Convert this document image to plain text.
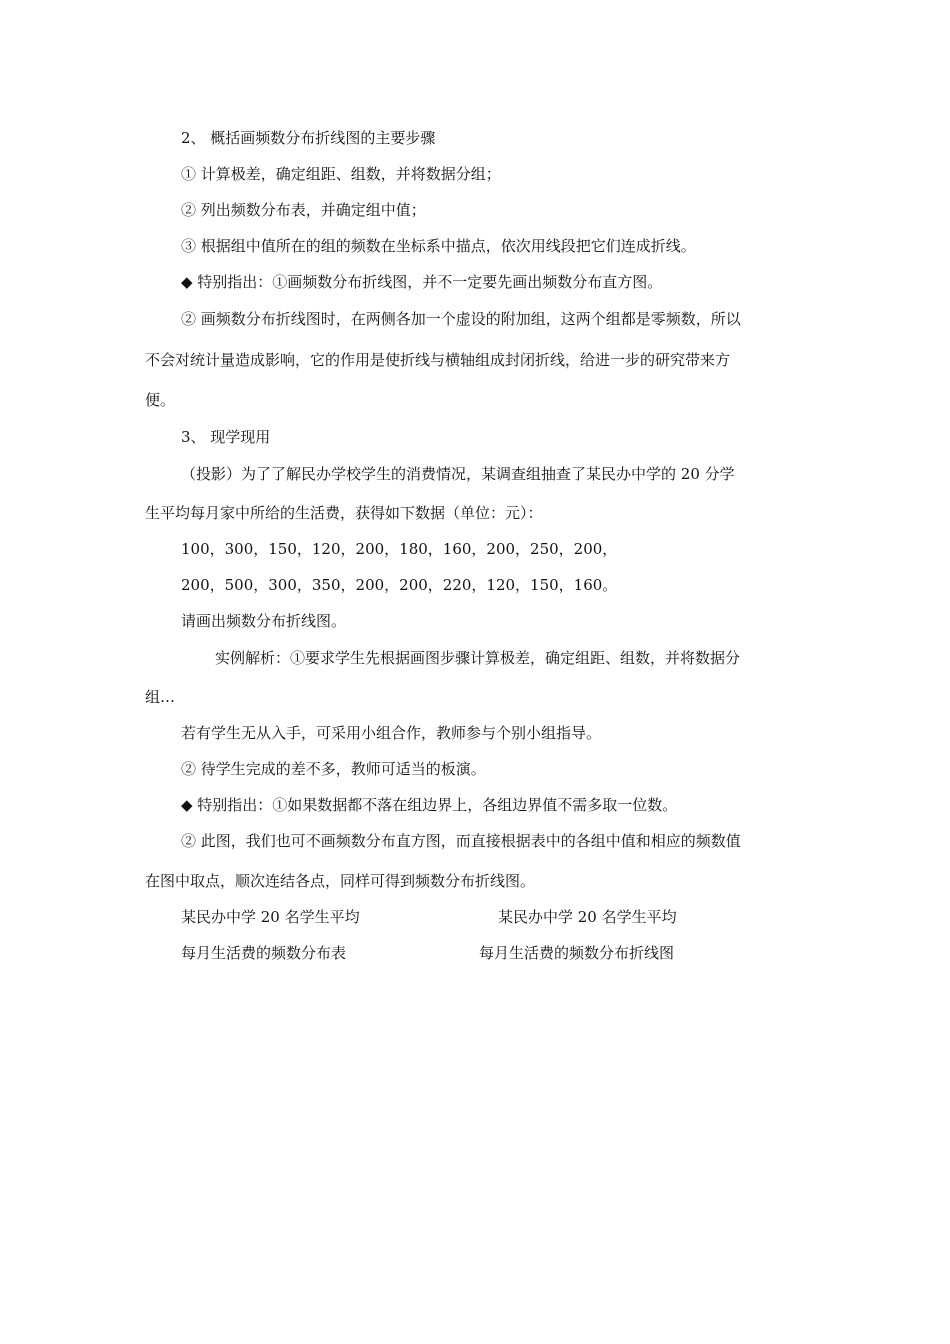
2、 概括画频数分布折线图的主要步骤

① 计算极差，确定组距、组数，并将数据分组；

② 列出频数分布表，并确定组中值；

③ 根据组中值所在的组的频数在坐标系中描点，依次用线段把它们连成折线。

◆ 特别指出：①画频数分布折线图，并不一定要先画出频数分布直方图。

② 画频数分布折线图时，在两侧各加一个虚设的附加组，这两个组都是零频数，所以

不会对统计量造成影响，它的作用是使折线与横轴组成封闭折线，给进一步的研究带来方

便。

3、 现学现用

（投影）为了了解民办学校学生的消费情况，某调查组抽查了某民办中学的 20 分学

生平均每月家中所给的生活费，获得如下数据（单位：元）：

100，300，150，120，200，180，160，200，250，200，

200，500，300，350，200，200，220，120，150，160。

请画出频数分布折线图。

实例解析：①要求学生先根据画图步骤计算极差，确定组距、组数，并将数据分

组…

若有学生无从入手，可采用小组合作，教师参与个别小组指导。

② 待学生完成的差不多，教师可适当的板演。

◆ 特别指出：①如果数据都不落在组边界上，各组边界值不需多取一位数。

② 此图，我们也可不画频数分布直方图，而直接根据表中的各组中值和相应的频数值

在图中取点，顺次连结各点，同样可得到频数分布折线图。

某民办中学 20 名学生平均

每月生活费的频数分布表

某民办中学 20 名学生平均

每月生活费的频数分布折线图
